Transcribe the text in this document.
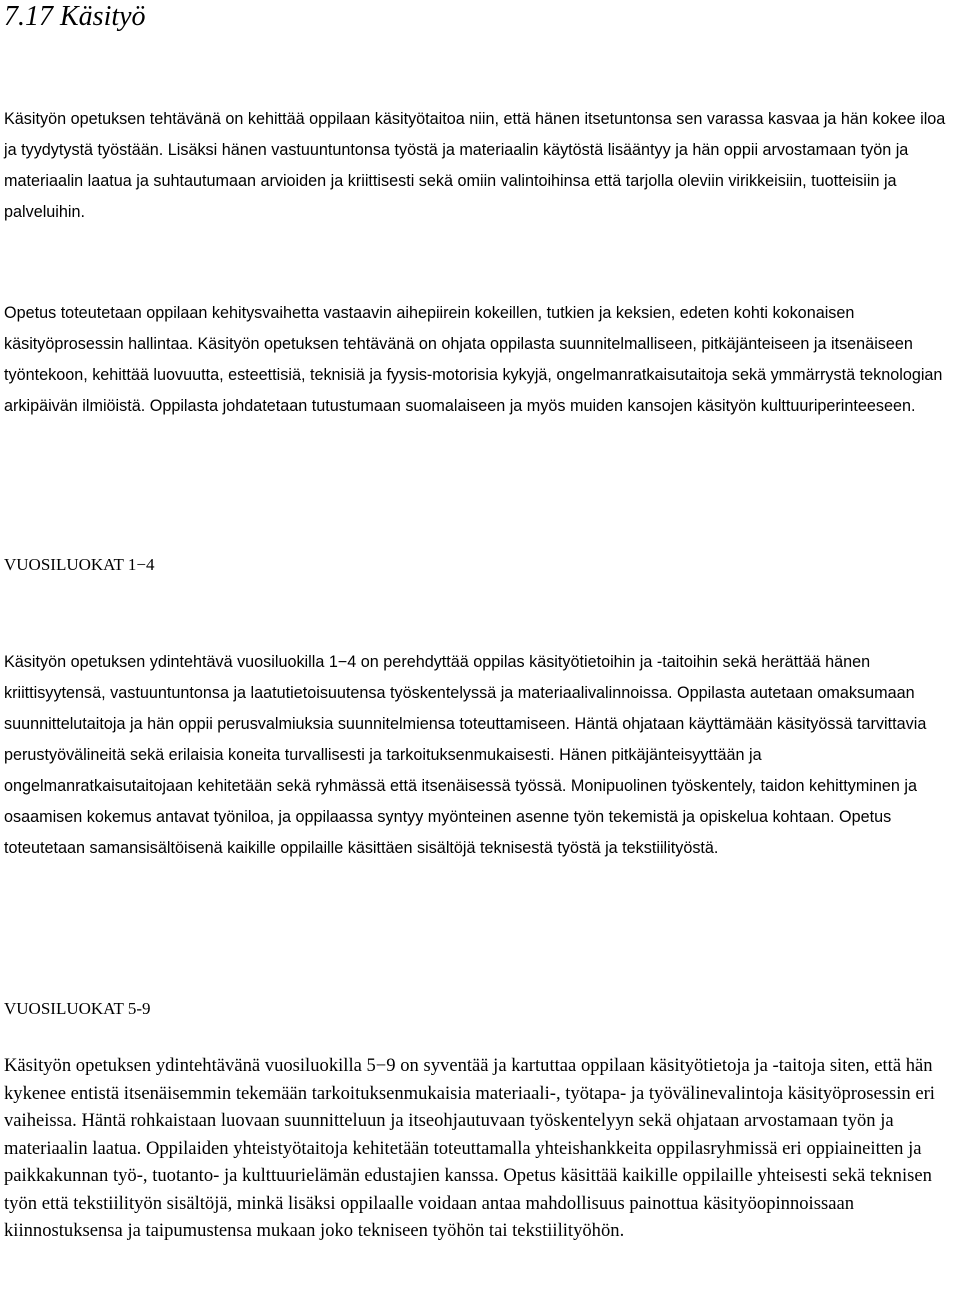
7.17 Käsityö

Käsityön opetuksen tehtävänä on kehittää oppilaan käsityötaitoa niin, että hänen itsetuntonsa sen varassa kasvaa ja hän kokee iloa ja tyydytystä työstään. Lisäksi hänen vastuuntuntonsa työstä ja materiaalin käytöstä lisääntyy ja hän oppii arvostamaan työn ja materiaalin laatua ja suhtautumaan arvioiden ja kriittisesti sekä omiin valintoihinsa että tarjolla oleviin virikkeisiin, tuotteisiin ja palveluihin.

Opetus toteutetaan oppilaan kehitysvaihetta vastaavin aihepiirein kokeillen, tutkien ja keksien, edeten kohti kokonaisen käsityöprosessin hallintaa. Käsityön opetuksen tehtävänä on ohjata oppilasta suunnitelmalliseen, pitkäjänteiseen ja itsenäiseen työntekoon, kehittää luovuutta, esteettisiä, teknisiä ja fyysis-motorisia kykyjä, ongelmanratkaisutaitoja sekä ymmärrystä teknologian arkipäivän ilmiöistä. Oppilasta johdatetaan tutustumaan suomalaiseen ja myös muiden kansojen käsityön kulttuuriperinteeseen.

VUOSILUOKAT 1−4

Käsityön opetuksen ydintehtävä vuosiluokilla 1−4 on perehdyttää oppilas käsityötietoihin ja -taitoihin sekä herättää hänen kriittisyytensä, vastuuntuntonsa ja laatutietoisuutensa työskentelyssä ja materiaalivalinnoissa. Oppilasta autetaan omaksumaan suunnittelutaitoja ja hän oppii perusvalmiuksia suunnitelmiensa toteuttamiseen. Häntä ohjataan käyttämään käsityössä tarvittavia perustyövälineitä sekä erilaisia koneita turvallisesti ja tarkoituksenmukaisesti. Hänen pitkäjänteisyyttään ja ongelmanratkaisutaitojaan kehitetään sekä ryhmässä että itsenäisessä työssä. Monipuolinen työskentely, taidon kehittyminen ja osaamisen kokemus antavat työniloa, ja oppilaassa syntyy myönteinen asenne työn tekemistä ja opiskelua kohtaan. Opetus toteutetaan samansisältöisenä kaikille oppilaille käsittäen sisältöjä teknisestä työstä ja tekstiilityöstä.

VUOSILUOKAT 5-9

Käsityön opetuksen ydintehtävänä vuosiluokilla 5−9 on syventää ja kartuttaa oppilaan käsityötietoja ja -taitoja siten, että hän kykenee entistä itsenäisemmin tekemään tarkoituksenmukaisia materiaali-, työtapa- ja työvälinevalintoja käsityöprosessin eri vaiheissa. Häntä rohkaistaan luovaan suunnitteluun ja itseohjautuvaan työskentelyyn sekä ohjataan arvostamaan työn ja materiaalin laatua. Oppilaiden yhteistyötaitoja kehitetään toteuttamalla yhteishankkeita oppilasryhmissä eri oppiaineitten ja paikkakunnan työ-, tuotanto- ja kulttuurielämän edustajien kanssa. Opetus käsittää kaikille oppilaille yhteisesti sekä teknisen työn että tekstiilityön sisältöjä, minkä lisäksi oppilaalle voidaan antaa mahdollisuus painottua käsityöopinnoissaan kiinnostuksensa ja taipumustensa mukaan joko tekniseen työhön tai tekstiilityöhön.
